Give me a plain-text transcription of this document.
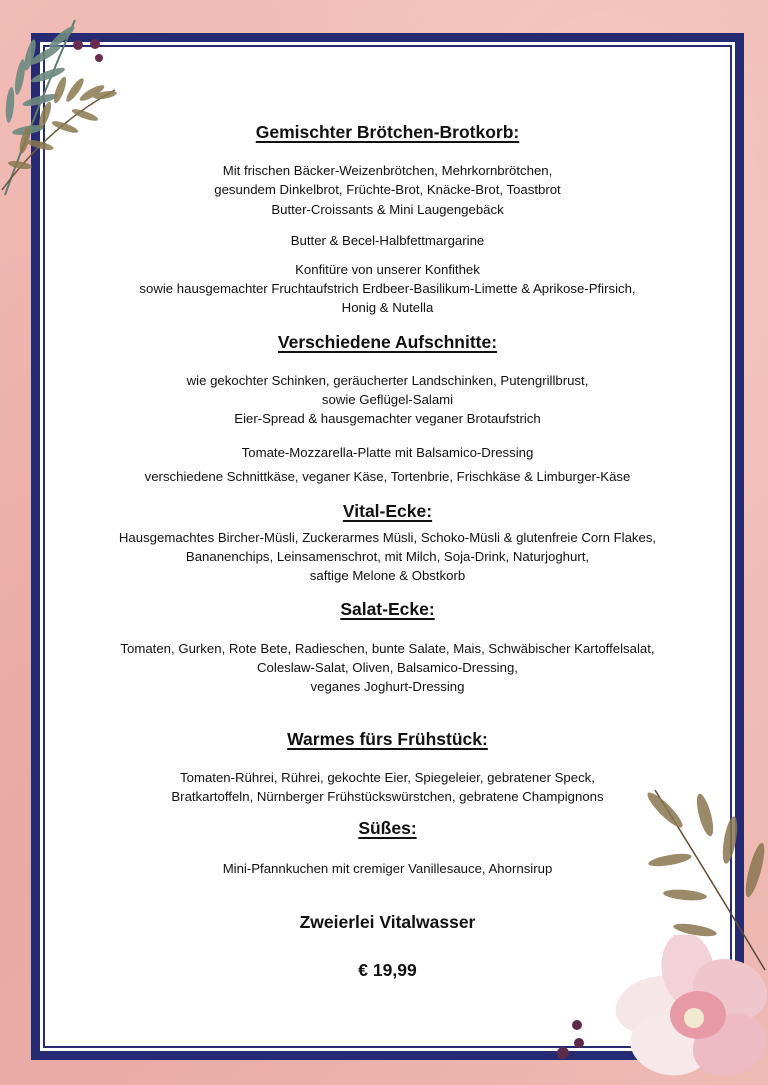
Gemischter Brötchen-Brotkorb:
Mit frischen Bäcker-Weizenbrötchen, Mehrkornbrötchen,
gesundem Dinkelbrot, Früchte-Brot, Knäcke-Brot, Toastbrot
Butter-Croissants & Mini Laugengebäck
Butter & Becel-Halbfettmargarine
Konfitüre von unserer Konfithek
sowie hausgemachter Fruchtaufstrich Erdbeer-Basilikum-Limette & Aprikose-Pfirsich,
Honig & Nutella
Verschiedene Aufschnitte:
wie gekochter Schinken, geräucherter Landschinken, Putengrillbrust,
sowie Geflügel-Salami
Eier-Spread & hausgemachter veganer Brotaufstrich
Tomate-Mozzarella-Platte mit Balsamico-Dressing
verschiedene Schnittkäse, veganer Käse, Tortenbrie, Frischkäse & Limburger-Käse
Vital-Ecke:
Hausgemachtes Bircher-Müsli, Zuckerarmes Müsli, Schoko-Müsli & glutenfreie Corn Flakes,
Bananenchips, Leinsamenschrot, mit Milch, Soja-Drink, Naturjoghurt,
saftige Melone & Obstkorb
Salat-Ecke:
Tomaten, Gurken, Rote Bete, Radieschen, bunte Salate, Mais, Schwäbischer Kartoffelsalat,
Coleslaw-Salat, Oliven, Balsamico-Dressing,
veganes Joghurt-Dressing
Warmes fürs Frühstück:
Tomaten-Rührei, Rührei, gekochte Eier, Spiegeleier, gebratener Speck,
Bratkartoffeln, Nürnberger Frühstückswürstchen, gebratene Champignons
Süßes:
Mini-Pfannkuchen mit cremiger Vanillesauce, Ahornsirup
Zweierlei Vitalwasser
€ 19,99
